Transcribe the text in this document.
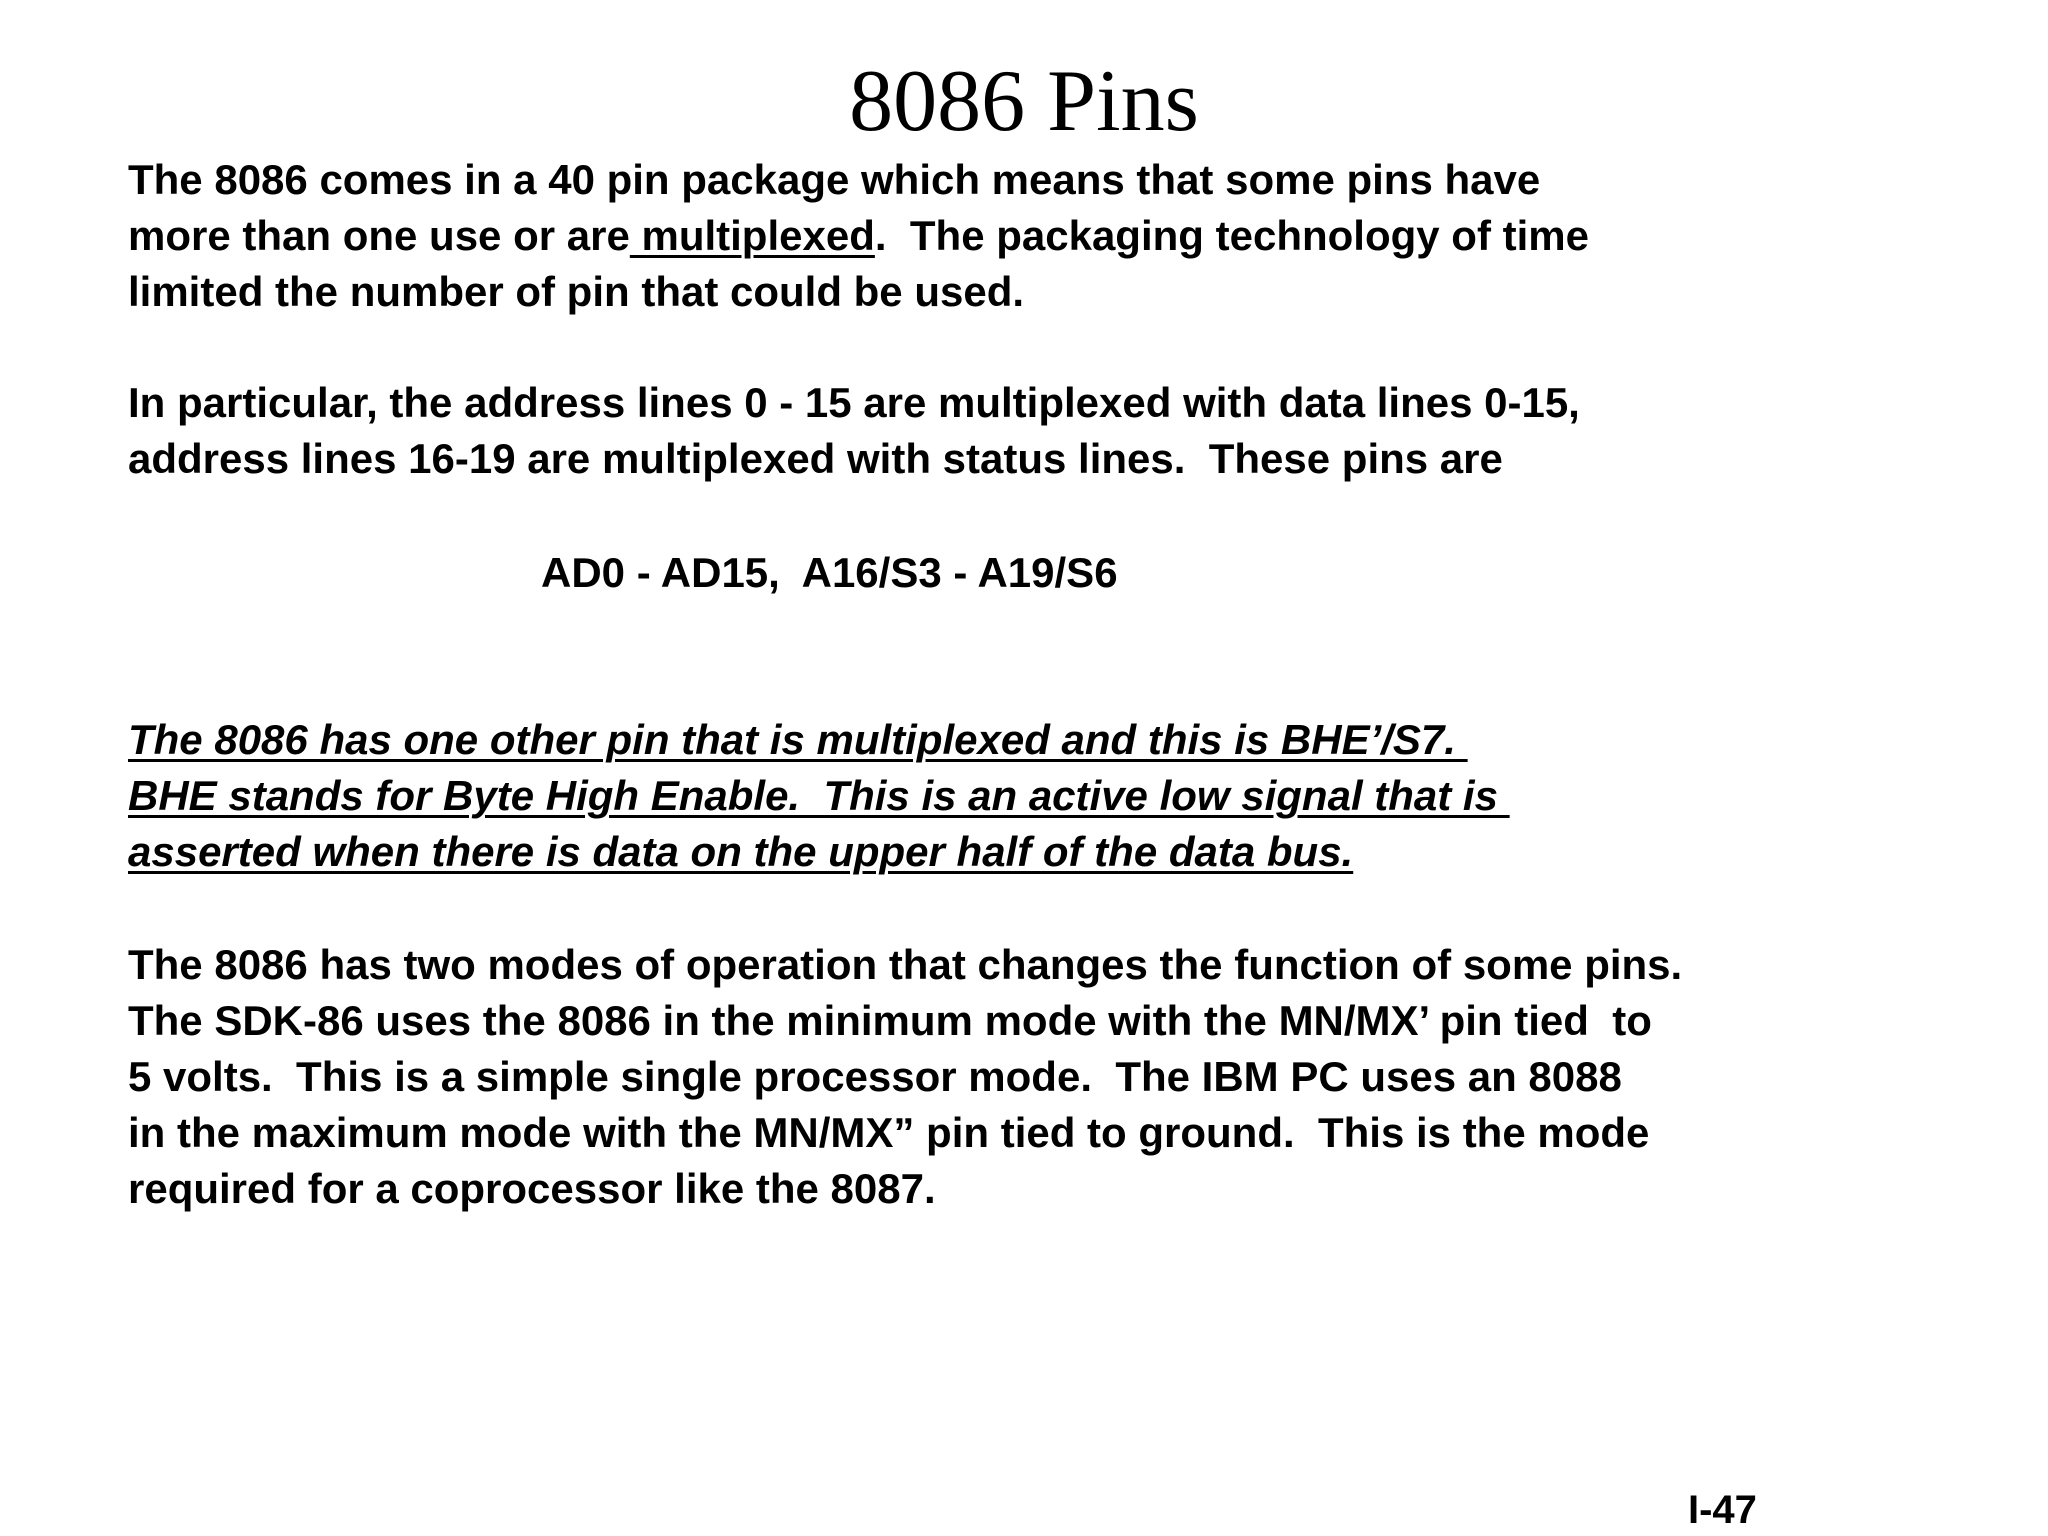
8086 Pins
The 8086 comes in a 40 pin package which means that some pins have
more than one use or are multiplexed.  The packaging technology of time
limited the number of pin that could be used.
In particular, the address lines 0 - 15 are multiplexed with data lines 0-15,
address lines 16-19 are multiplexed with status lines.  These pins are
AD0 - AD15,  A16/S3 - A19/S6
The 8086 has one other pin that is multiplexed and this is BHE’/S7.
BHE stands for Byte High Enable.  This is an active low signal that is
asserted when there is data on the upper half of the data bus.
The 8086 has two modes of operation that changes the function of some pins.
The SDK-86 uses the 8086 in the minimum mode with the MN/MX’ pin tied  to
5 volts.  This is a simple single processor mode.  The IBM PC uses an 8088
in the maximum mode with the MN/MX” pin tied to ground.  This is the mode
required for a coprocessor like the 8087.
I-47
